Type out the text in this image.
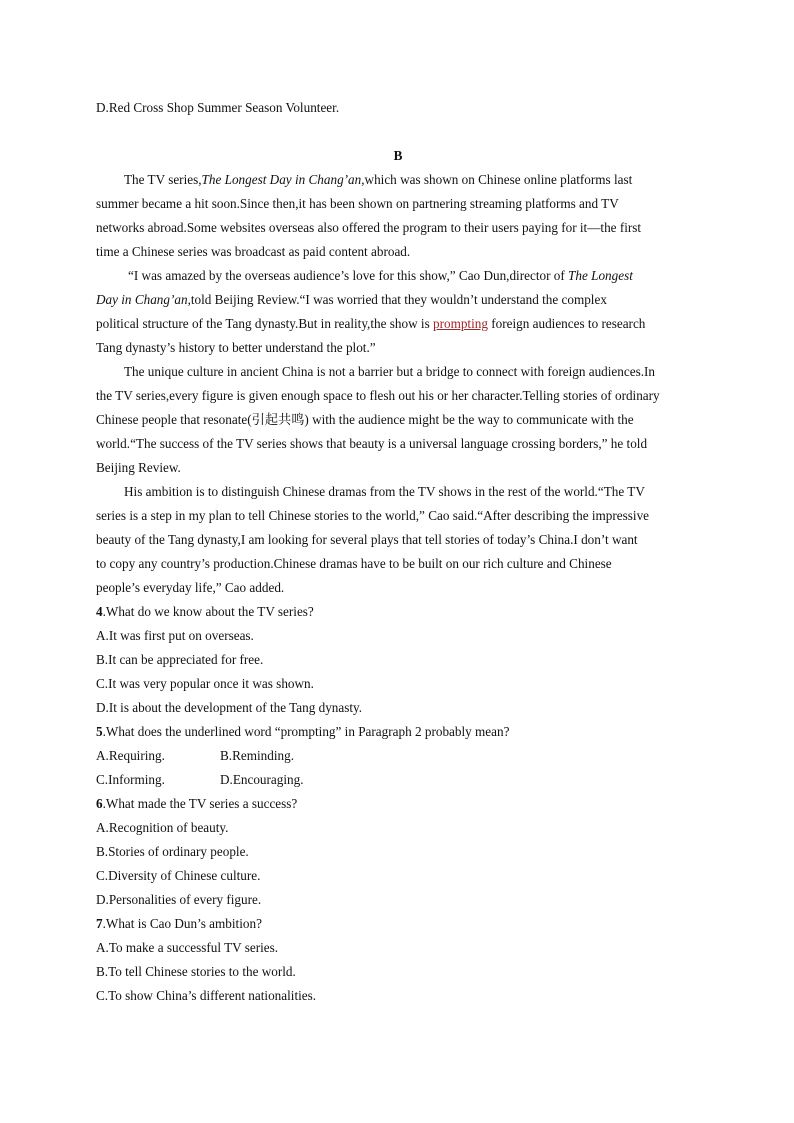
D.Red Cross Shop Summer Season Volunteer.
B
The TV series,The Longest Day in Chang’an,which was shown on Chinese online platforms last
summer became a hit soon.Since then,it has been shown on partnering streaming platforms and TV
networks abroad.Some websites overseas also offered the program to their users paying for it—the first
time a Chinese series was broadcast as paid content abroad.
“I was amazed by the overseas audience’s love for this show,” Cao Dun,director of The Longest
Day in Chang’an,told Beijing Review.“I was worried that they wouldn’t understand the complex
political structure of the Tang dynasty.But in reality,the show is prompting foreign audiences to research
Tang dynasty’s history to better understand the plot.”
The unique culture in ancient China is not a barrier but a bridge to connect with foreign audiences.In
the TV series,every figure is given enough space to flesh out his or her character.Telling stories of ordinary
Chinese people that resonate(引起共鸣) with the audience might be the way to communicate with the
world.“The success of the TV series shows that beauty is a universal language crossing borders,” he told
Beijing Review.
His ambition is to distinguish Chinese dramas from the TV shows in the rest of the world.“The TV
series is a step in my plan to tell Chinese stories to the world,” Cao said.“After describing the impressive
beauty of the Tang dynasty,I am looking for several plays that tell stories of today’s China.I don’t want
to copy any country’s production.Chinese dramas have to be built on our rich culture and Chinese
people’s everyday life,” Cao added.
4.What do we know about the TV series?
A.It was first put on overseas.
B.It can be appreciated for free.
C.It was very popular once it was shown.
D.It is about the development of the Tang dynasty.
5.What does the underlined word “prompting” in Paragraph 2 probably mean?
A.Requiring.	B.Reminding.
C.Informing.	D.Encouraging.
6.What made the TV series a success?
A.Recognition of beauty.
B.Stories of ordinary people.
C.Diversity of Chinese culture.
D.Personalities of every figure.
7.What is Cao Dun’s ambition?
A.To make a successful TV series.
B.To tell Chinese stories to the world.
C.To show China’s different nationalities.
